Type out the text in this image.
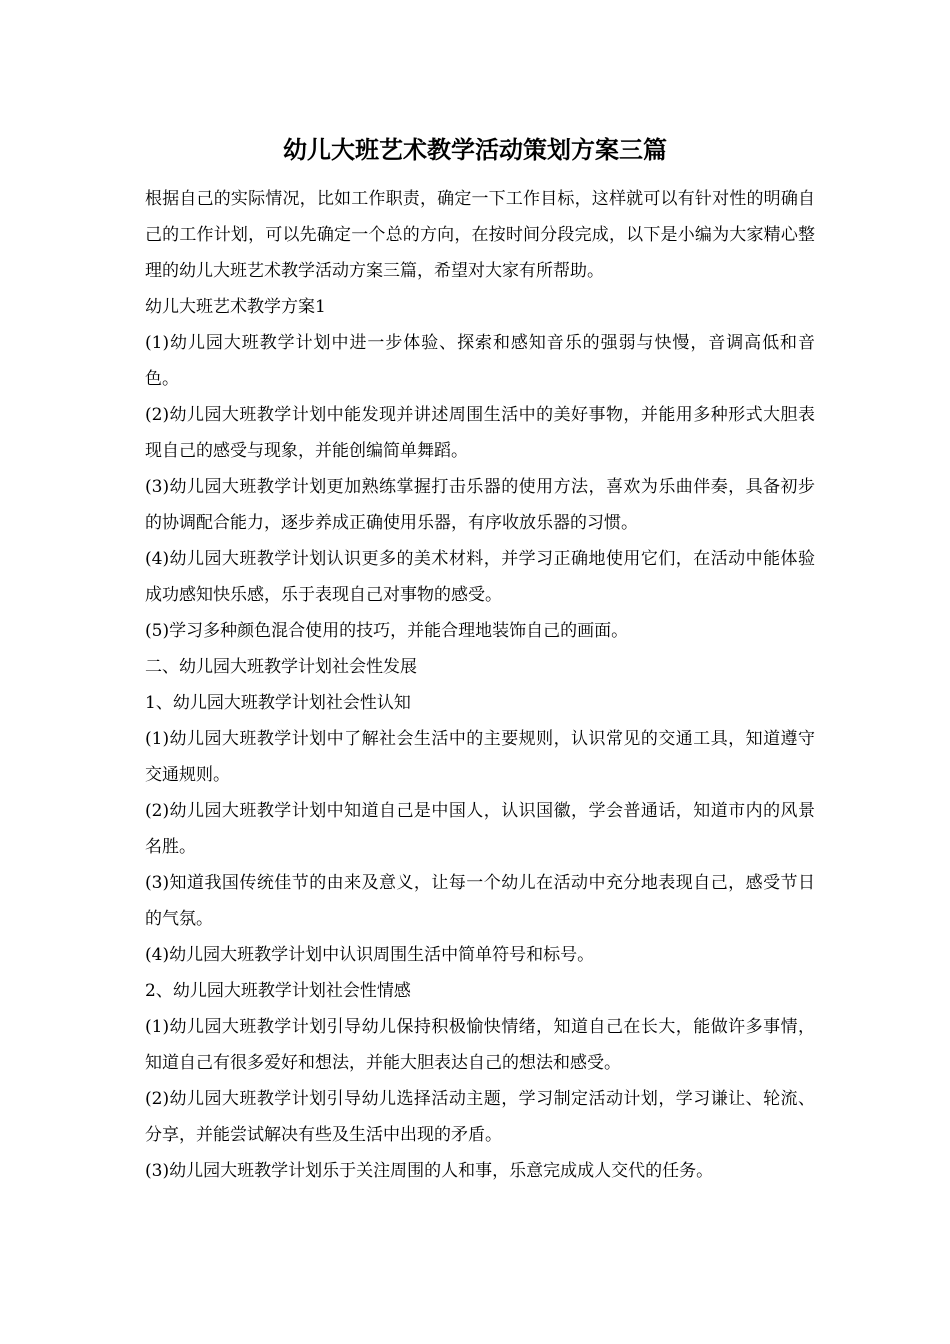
幼儿大班艺术教学活动策划方案三篇

根据自己的实际情况，比如工作职责，确定一下工作目标，这样就可以有针对性的明确自己的工作计划，可以先确定一个总的方向，在按时间分段完成，以下是小编为大家精心整理的幼儿大班艺术教学活动方案三篇，希望对大家有所帮助。

幼儿大班艺术教学方案1

(1)幼儿园大班教学计划中进一步体验、探索和感知音乐的强弱与快慢，音调高低和音色。

(2)幼儿园大班教学计划中能发现并讲述周围生活中的美好事物，并能用多种形式大胆表现自己的感受与现象，并能创编简单舞蹈。

(3)幼儿园大班教学计划更加熟练掌握打击乐器的使用方法，喜欢为乐曲伴奏，具备初步的协调配合能力，逐步养成正确使用乐器，有序收放乐器的习惯。

(4)幼儿园大班教学计划认识更多的美术材料，并学习正确地使用它们，在活动中能体验成功感知快乐感，乐于表现自己对事物的感受。

(5)学习多种颜色混合使用的技巧，并能合理地装饰自己的画面。

二、幼儿园大班教学计划社会性发展

1、幼儿园大班教学计划社会性认知

(1)幼儿园大班教学计划中了解社会生活中的主要规则，认识常见的交通工具，知道遵守交通规则。

(2)幼儿园大班教学计划中知道自己是中国人，认识国徽，学会普通话，知道市内的风景名胜。

(3)知道我国传统佳节的由来及意义，让每一个幼儿在活动中充分地表现自己，感受节日的气氛。

(4)幼儿园大班教学计划中认识周围生活中简单符号和标号。

2、幼儿园大班教学计划社会性情感

(1)幼儿园大班教学计划引导幼儿保持积极愉快情绪，知道自己在长大，能做许多事情，知道自己有很多爱好和想法，并能大胆表达自己的想法和感受。

(2)幼儿园大班教学计划引导幼儿选择活动主题，学习制定活动计划，学习谦让、轮流、分享，并能尝试解决有些及生活中出现的矛盾。

(3)幼儿园大班教学计划乐于关注周围的人和事，乐意完成成人交代的任务。
